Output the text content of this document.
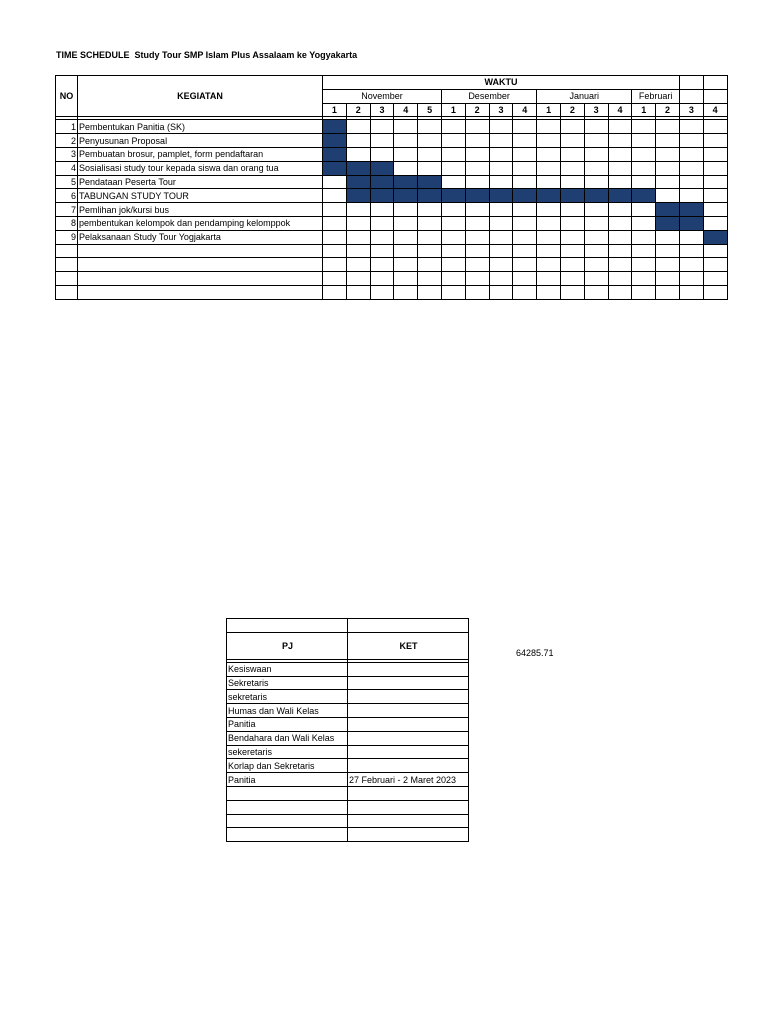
TIME SCHEDULE  Study Tour SMP Islam Plus Assalaam ke Yogyakarta
NO	KEGIATAN	WAKTU																
		November					Desember				Januari				Februari			
		1	2	3	4	5	1	2	3	4	1	2	3	4	1	2	3	4

1	Pembentukan Panitia (SK)																	
2	Penyusunan Proposal																	
3	Pembuatan brosur, pamplet, form pendaftaran																	
4	Sosialisasi study tour kepada siswa dan orang tua																	
5	Pendataan Peserta Tour																	
6	TABUNGAN STUDY TOUR																	
7	Pemlihan jok/kursi bus																	
8	pembentukan kelompok dan pendamping kelomppok																	
9	Pelaksanaan Study Tour Yogjakarta																	

PJ	KET

Kesiswaan	
Sekretaris	
sekretaris	
Humas dan Wali Kelas	
Panitia	
Bendahara dan Wali Kelas	
sekeretaris	
Korlap dan Sekretaris	
Panitia	27 Februari - 2 Maret 2023

64285.71
